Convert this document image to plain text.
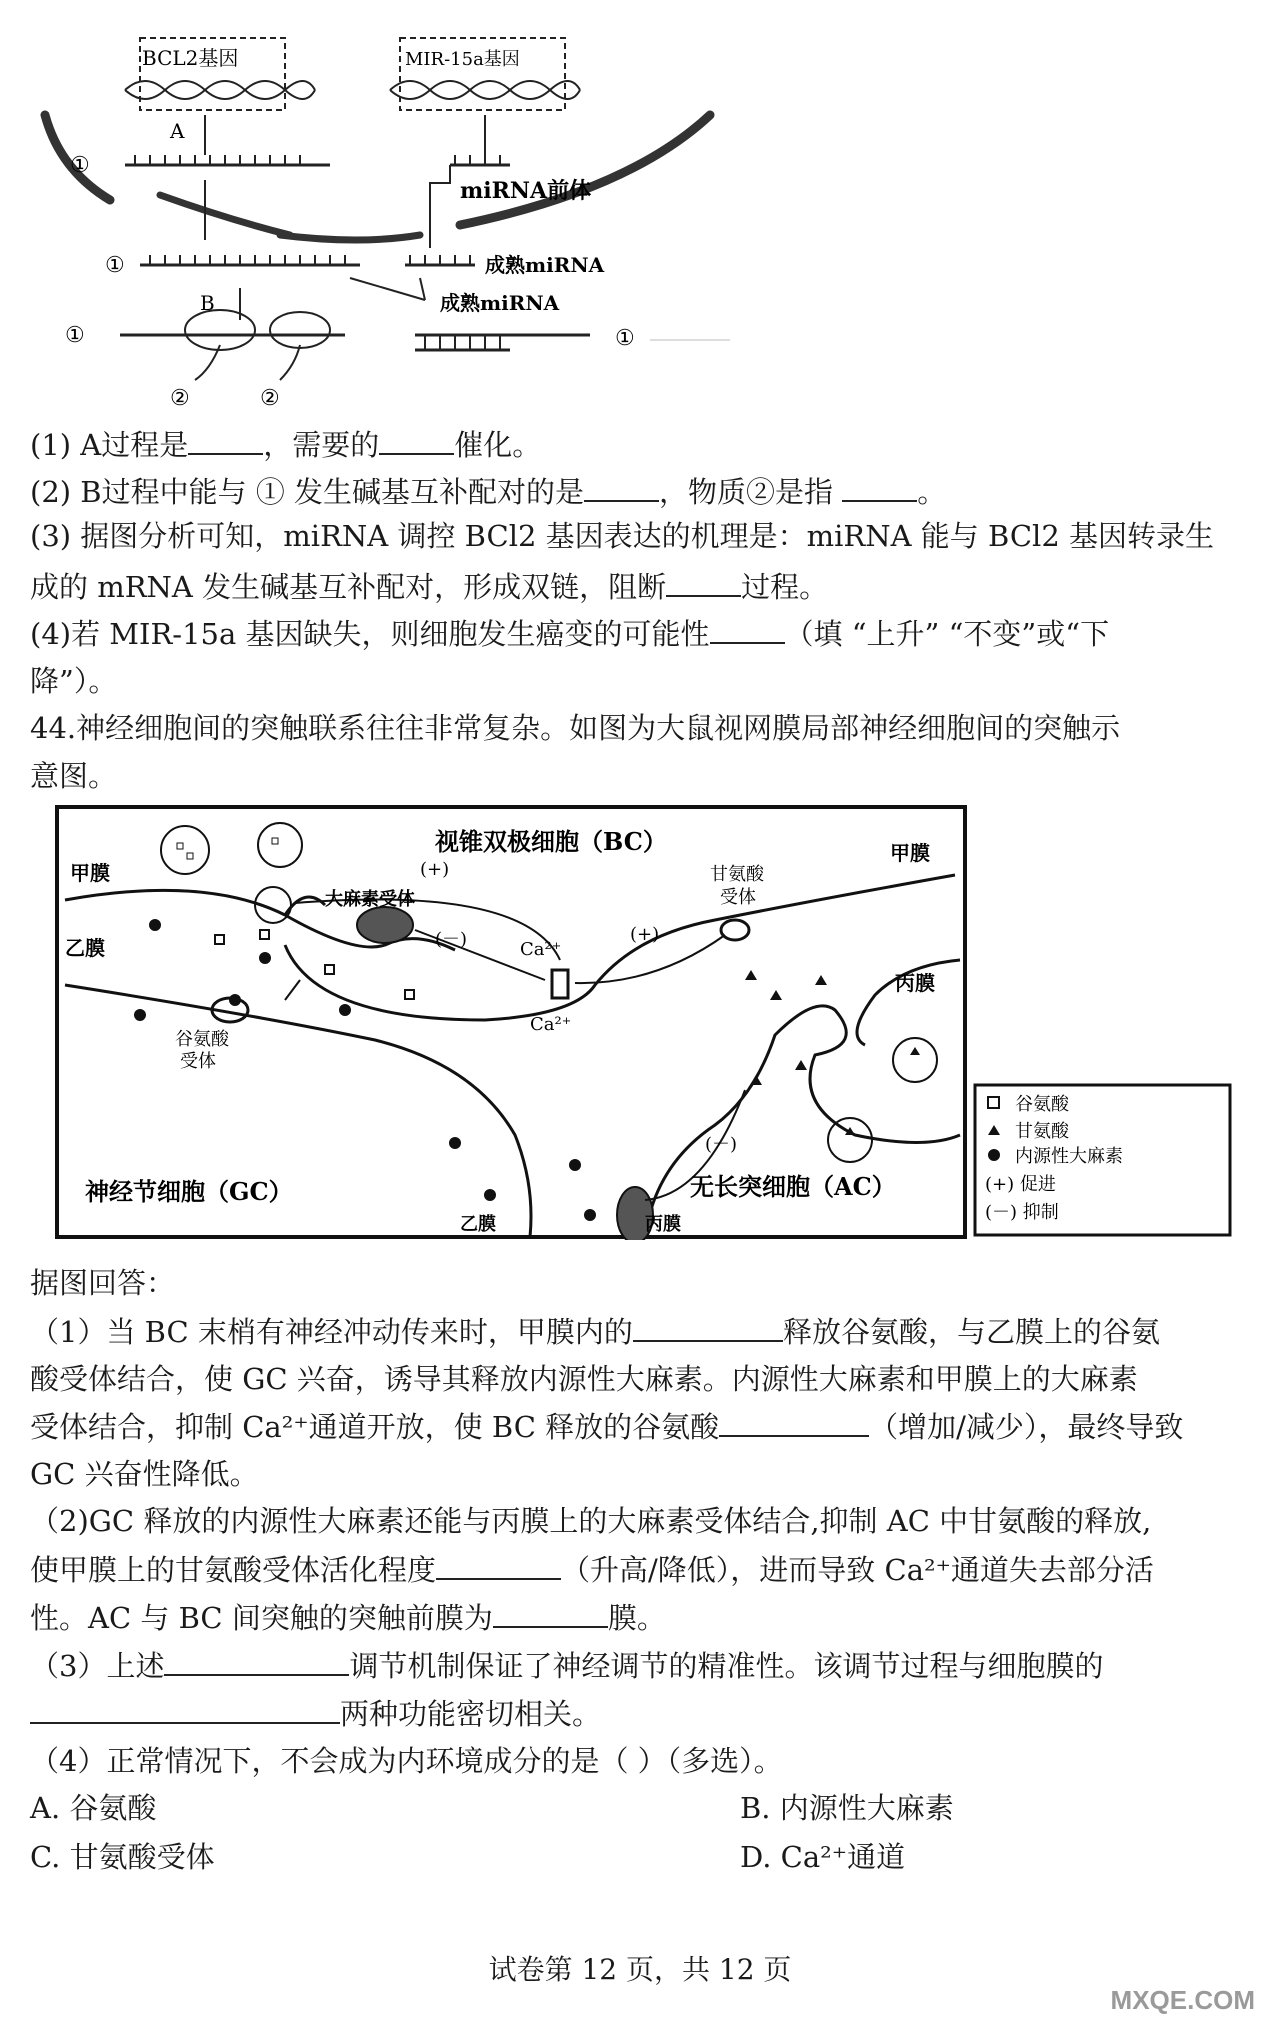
BCL2基因	MIR-15a基因
A
①
miRNA前体
①	成熟miRNA
成熟miRNA
B
①
②	②
①
(1) A过程是	，需要的	催化。
(2) B过程中能与 ① 发生碱基互补配对的是	，物质②是指	。
(3) 据图分析可知，miRNA 调控 BCl2 基因表达的机理是：miRNA 能与 BCl2 基因转录生
成的 mRNA 发生碱基互补配对，形成双链，阻断	过程。
(4)若 MIR-15a 基因缺失，则细胞发生癌变的可能性	（填 “上升” “不变”或“下
降”）。
44.神经细胞间的突触联系往往非常复杂。如图为大鼠视网膜局部神经细胞间的突触示
意图。
视锥双极细胞（BC）
甲膜
甲膜
乙膜
乙膜
丙膜
丙膜
大麻素受体
甘氨酸
受体
谷氨酸
受体
(+)
(+)
(－)
(－)
Ca²⁺
Ca²⁺
神经节细胞（GC）	无长突细胞（AC）
谷氨酸
甘氨酸
内源性大麻素
(+) 促进
(－) 抑制
据图回答：
（1）当 BC 末梢有神经冲动传来时，甲膜内的	释放谷氨酸，与乙膜上的谷氨
酸受体结合，使 GC 兴奋，诱导其释放内源性大麻素。内源性大麻素和甲膜上的大麻素
受体结合，抑制 Ca²⁺通道开放，使 BC 释放的谷氨酸	（增加/减少），最终导致
GC 兴奋性降低。
（2)GC 释放的内源性大麻素还能与丙膜上的大麻素受体结合,抑制 AC 中甘氨酸的释放,
使甲膜上的甘氨酸受体活化程度	（升高/降低），进而导致 Ca²⁺通道失去部分活
性。AC 与 BC 间突触的突触前膜为	膜。
（3）上述	调节机制保证了神经调节的精准性。该调节过程与细胞膜的
两种功能密切相关。
（4）正常情况下，不会成为内环境成分的是（ ）（多选）。
A. 谷氨酸	B. 内源性大麻素
C. 甘氨酸受体	D. Ca²⁺通道
试卷第 12 页，共 12 页
MXQE.COM
